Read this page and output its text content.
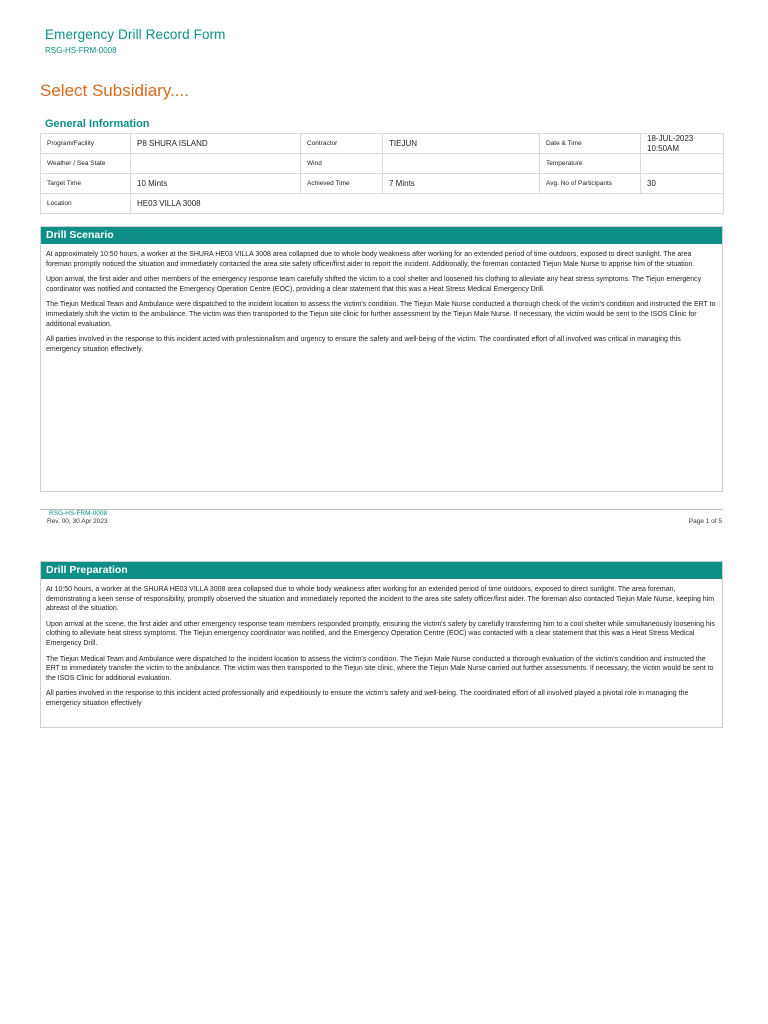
Emergency Drill Record Form
RSG-HS-FRM-0008
Select Subsidiary....
General Information
Program/Facility	P8 SHURA ISLAND	Contractor	TIEJUN	Date & Time	18-JUL-2023
10:50AM
Weather / Sea State		Wind		Temperature	
Target Time	10 Mints	Achieved Time	7 Mints	Avg. No of Participants	30
Location	HE03 VILLA 3008				
Drill Scenario

At approximately 10:50 hours, a worker at the SHURA HE03 VILLA 3008 area collapsed due to whole body weakness after working for an extended period of time outdoors, exposed to direct sunlight. The area foreman promptly noticed the situation and immediately contacted the area site safety officer/first aider to report the incident. Additionally, the foreman contacted Tiejun Male Nurse to apprise him of the situation.

Upon arrival, the first aider and other members of the emergency response team carefully shifted the victim to a cool shelter and loosened his clothing to alleviate any heat stress symptoms. The Tiejun emergency coordinator was notified and contacted the Emergency Operation Centre (EOC), providing a clear statement that this was a Heat Stress Medical Emergency Drill.

The Tiejun Medical Team and Ambulance were dispatched to the incident location to assess the victim's condition. The Tiejun Male Nurse conducted a thorough check of the victim's condition and instructed the ERT to immediately shift the victim to the ambulance. The victim was then transported to the Tiejun site clinic for further assessment by the Tiejun Male Nurse. If necessary, the victim would be sent to the ISOS Clinic for additional evaluation.

All parties involved in the response to this incident acted with professionalism and urgency to ensure the safety and well-being of the victim. The coordinated effort of all involved was critical in managing this emergency situation effectively.

RSG-HS-FRM-0008
Rev. 00, 30 Apr 2023	Page 1 of 5
Drill Preparation

At 10:50 hours, a worker at the SHURA HE03 VILLA 3008 area collapsed due to whole body weakness after working for an extended period of time outdoors, exposed to direct sunlight. The area foreman, demonstrating a keen sense of responsibility, promptly observed the situation and immediately reported the incident to the area site safety officer/first aider. The foreman also contacted Tiejun Male Nurse, keeping him abreast of the situation.

Upon arrival at the scene, the first aider and other emergency response team members responded promptly, ensuring the victim's safety by carefully transferring him to a cool shelter while simultaneously loosening his clothing to alleviate heat stress symptoms. The Tiejun emergency coordinator was notified, and the Emergency Operation Centre (EOC) was contacted with a clear statement that this was a Heat Stress Medical Emergency Drill.

The Tiejun Medical Team and Ambulance were dispatched to the incident location to assess the victim's condition. The Tiejun Male Nurse conducted a thorough evaluation of the victim's condition and instructed the ERT to immediately transfer the victim to the ambulance. The victim was then transported to the Tiejun site clinic, where the Tiejun Male Nurse carried out further assessments. If necessary, the victim would be sent to the ISOS Clinic for additional evaluation.

All parties involved in the response to this incident acted professionally and expeditiously to ensure the victim's safety and well-being. The coordinated effort of all involved played a pivotal role in managing the emergency situation effectively
